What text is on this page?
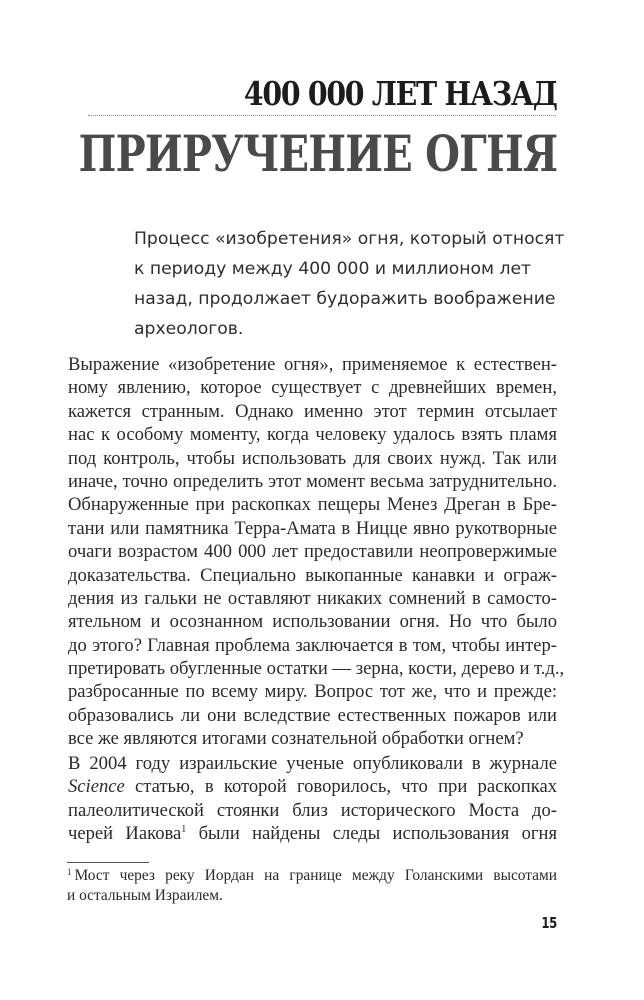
400 000 ЛЕТ НАЗАД
ПРИРУЧЕНИЕ ОГНЯ
Процесс «изобретения» огня, который относят
к периоду между 400 000 и миллионом лет
назад, продолжает будоражить воображение
археологов.
Выражение «изобретение огня», применяемое к естествен-
ному явлению, которое существует с древнейших времен,
кажется странным. Однако именно этот термин отсылает
нас к особому моменту, когда человеку удалось взять пламя
под контроль, чтобы использовать для своих нужд. Так или
иначе, точно определить этот момент весьма затруднительно.
Обнаруженные при раскопках пещеры Менез Дреган в Бре-
тани или памятника Терра-Амата в Ницце явно рукотворные
очаги возрастом 400 000 лет предоставили неопровержимые
доказательства. Специально выкопанные канавки и ограж-
дения из гальки не оставляют никаких сомнений в самосто-
ятельном и осознанном использовании огня. Но что было
до этого? Главная проблема заключается в том, чтобы интер-
претировать обугленные остатки — зерна, кости, дерево и т.д.,
разбросанные по всему миру. Вопрос тот же, что и прежде:
образовались ли они вследствие естественных пожаров или
все же являются итогами сознательной обработки огнем?
В 2004 году израильские ученые опубликовали в журнале
Science статью, в которой говорилось, что при раскопках
палеолитической стоянки близ исторического Моста до-
черей Иакова$^1$ были найдены следы использования огня
$^1$ Мост через реку Иордан на границе между Голанскими высотами
и остальным Израилем.
15
